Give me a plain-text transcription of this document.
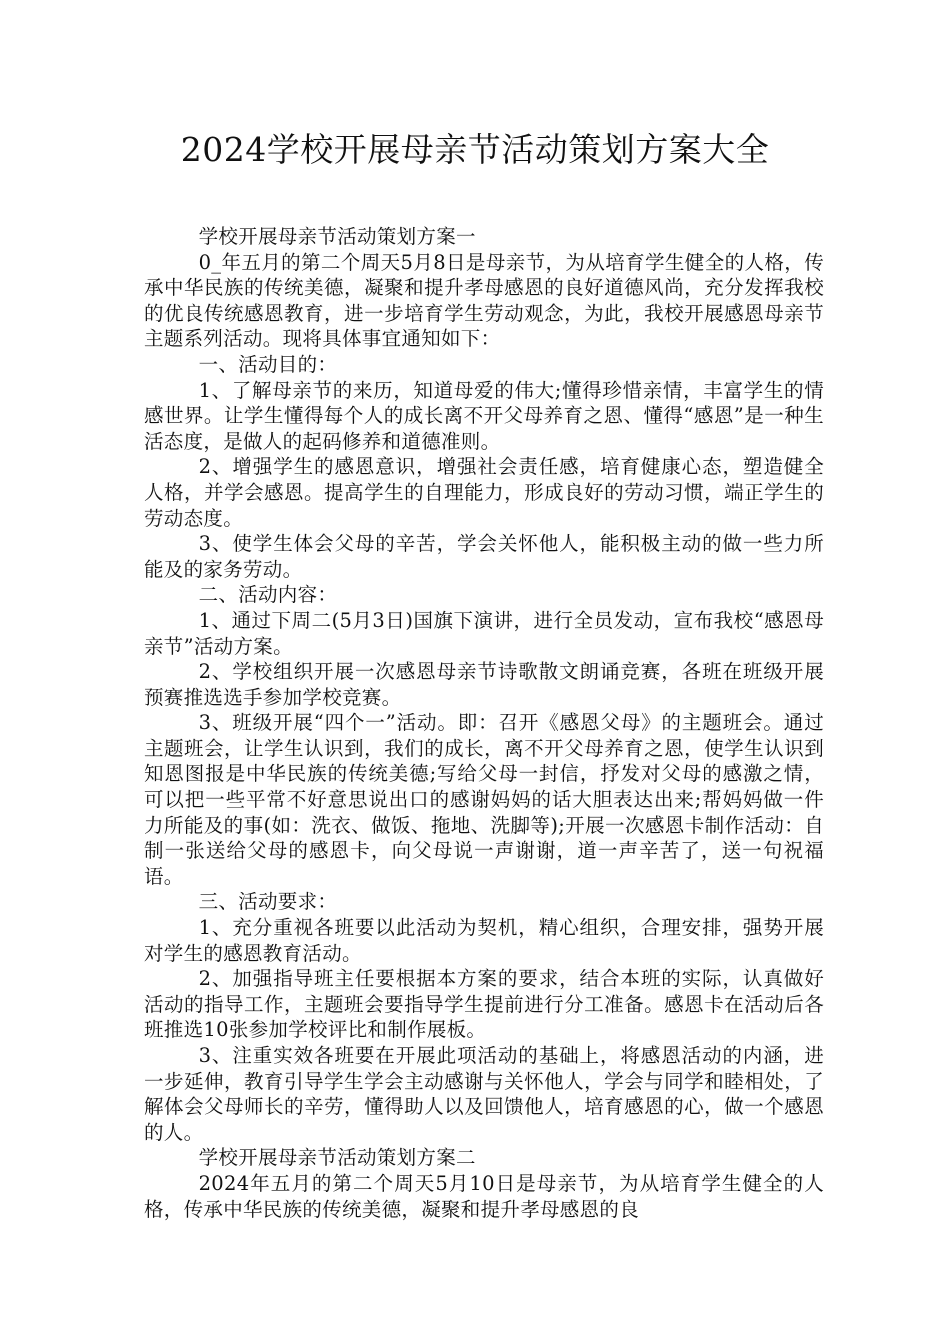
2024学校开展母亲节活动策划方案大全

学校开展母亲节活动策划方案一

0_年五月的第二个周天5月8日是母亲节，为从培育学生健全的人格，传承中华民族的传统美德，凝聚和提升孝母感恩的良好道德风尚，充分发挥我校的优良传统感恩教育，进一步培育学生劳动观念，为此，我校开展感恩母亲节主题系列活动。现将具体事宜通知如下：

一、活动目的：

1、了解母亲节的来历，知道母爱的伟大;懂得珍惜亲情，丰富学生的情感世界。让学生懂得每个人的成长离不开父母养育之恩、懂得“感恩”是一种生活态度，是做人的起码修养和道德准则。

2、增强学生的感恩意识，增强社会责任感，培育健康心态，塑造健全人格，并学会感恩。提高学生的自理能力，形成良好的劳动习惯，端正学生的劳动态度。

3、使学生体会父母的辛苦，学会关怀他人，能积极主动的做一些力所能及的家务劳动。

二、活动内容：

1、通过下周二(5月3日)国旗下演讲，进行全员发动，宣布我校“感恩母亲节”活动方案。

2、学校组织开展一次感恩母亲节诗歌散文朗诵竞赛，各班在班级开展预赛推选选手参加学校竞赛。

3、班级开展“四个一”活动。即：召开《感恩父母》的主题班会。通过主题班会，让学生认识到，我们的成长，离不开父母养育之恩，使学生认识到知恩图报是中华民族的传统美德;写给父母一封信，抒发对父母的感激之情，可以把一些平常不好意思说出口的感谢妈妈的话大胆表达出来;帮妈妈做一件力所能及的事(如：洗衣、做饭、拖地、洗脚等);开展一次感恩卡制作活动：自制一张送给父母的感恩卡，向父母说一声谢谢，道一声辛苦了，送一句祝福语。

三、活动要求：

1、充分重视各班要以此活动为契机，精心组织，合理安排，强势开展对学生的感恩教育活动。

2、加强指导班主任要根据本方案的要求，结合本班的实际，认真做好活动的指导工作，主题班会要指导学生提前进行分工准备。感恩卡在活动后各班推选10张参加学校评比和制作展板。

3、注重实效各班要在开展此项活动的基础上，将感恩活动的内涵，进一步延伸，教育引导学生学会主动感谢与关怀他人，学会与同学和睦相处，了解体会父母师长的辛劳，懂得助人以及回馈他人，培育感恩的心，做一个感恩的人。

学校开展母亲节活动策划方案二

2024年五月的第二个周天5月10日是母亲节，为从培育学生健全的人格，传承中华民族的传统美德，凝聚和提升孝母感恩的良
